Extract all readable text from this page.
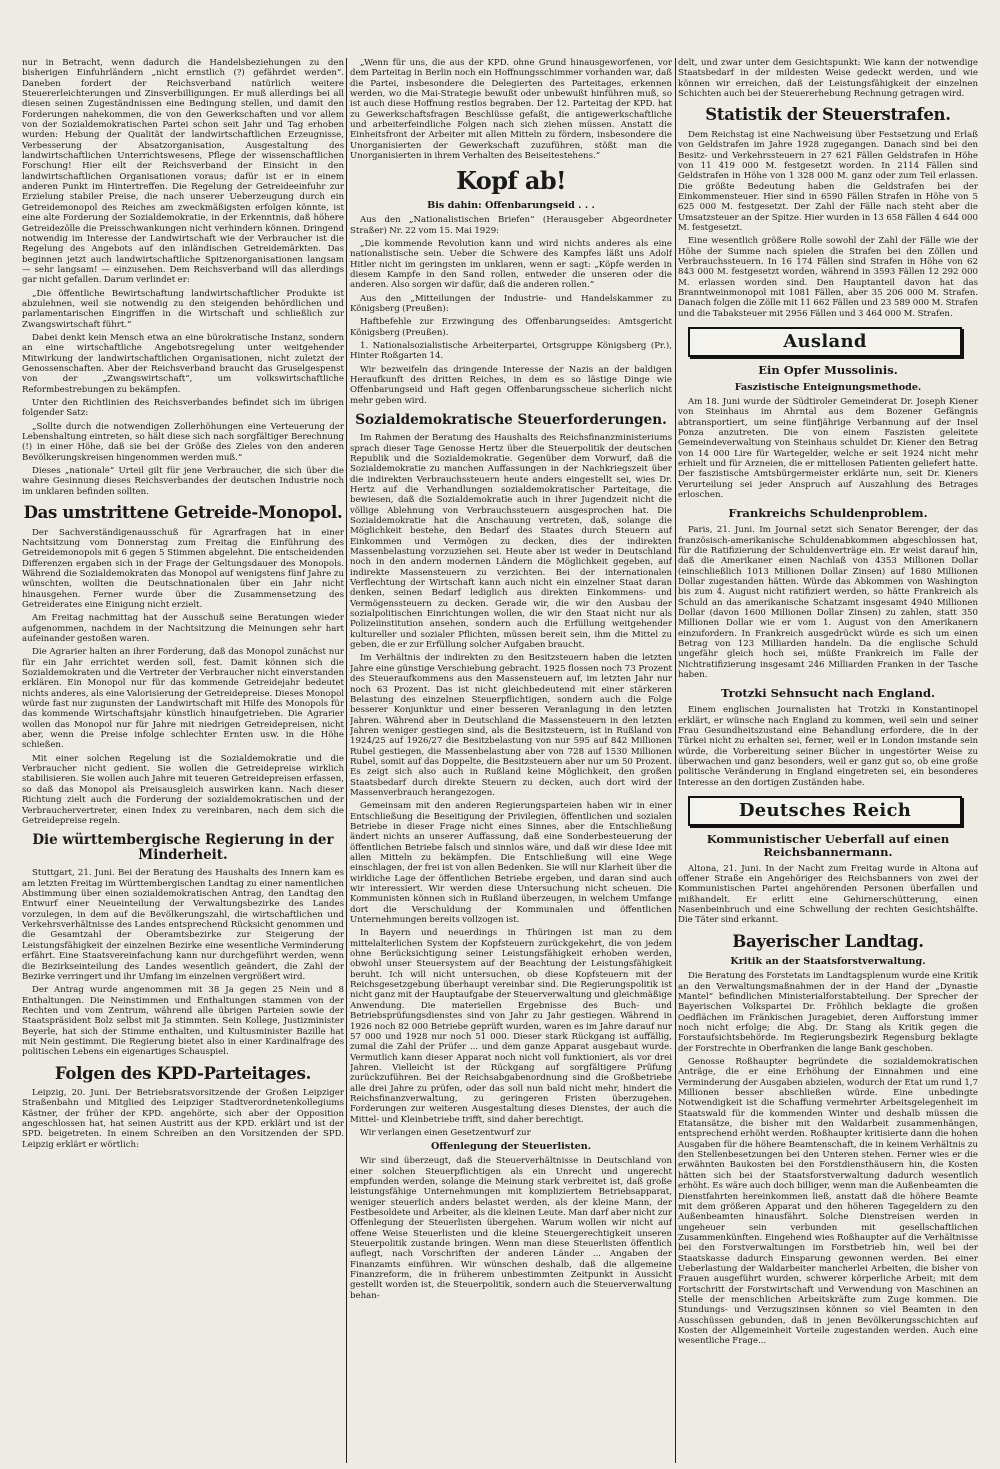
nur in Betracht, wenn dadurch die Handelsbeziehungen zu den bisherigen Einfuhrländern „nicht ernstlich (?) gefährdet werden“. Daneben fordert der Reichsverband natürlich weitere Steuererleichterungen und Zinsverbilligungen. Er muß allerdings bei all diesen seinen Zugeständnissen eine Bedingung stellen, und damit den Forderungen nahekommen, die von den Gewerkschaften und vor allem von der Sozialdemokratischen Partei schon seit Jahr und Tag erhoben wurden: Hebung der Qualität der landwirtschaftlichen Erzeugnisse, Verbesserung der Absatzorganisation, Ausgestaltung des landwirtschaftlichen Unterrichtswesens, Pflege der wissenschaftlichen Forschung! Hier eilt der Reichsverband der Einsicht in den landwirtschaftlichen Organisationen voraus; dafür ist er in einem anderen Punkt im Hintertreffen. Die Regelung der Getreideeinfuhr zur Erzielung stabiler Preise, die nach unserer Ueberzeugung durch ein Getreidemonopol des Reiches am zweckmäßigsten erfolgen könnte, ist eine alte Forderung der Sozialdemokratie, in der Erkenntnis, daß höhere Getreidezölle die Preisschwankungen nicht verhindern können. Dringend notwendig im Interesse der Landwirtschaft wie der Verbraucher ist die Regelung des Angebots auf den inländischen Getreidemärkten. Das beginnen jetzt auch landwirtschaftliche Spitzenorganisationen langsam — sehr langsam! — einzusehen. Dem Reichsverband will das allerdings gar nicht gefallen. Darum verlindet er:

„Die öffentliche Bewirtschaftung landwirtschaftlicher Produkte ist abzulehnen, weil sie notwendig zu den steigenden behördlichen und parlamentarischen Eingriffen in die Wirtschaft und schließlich zur Zwangswirtschaft führt.“

Dabei denkt kein Mensch etwa an eine bürokratische Instanz, sondern an eine wirtschaftliche Angebotsregelung unter weitgehender Mitwirkung der landwirtschaftlichen Organisationen, nicht zuletzt der Genossenschaften. Aber der Reichsverband braucht das Gruselgespenst von der „Zwangswirtschaft“, um volkswirtschaftliche Reformbestrebungen zu bekämpfen.

Unter den Richtlinien des Reichsverbandes befindet sich im übrigen folgender Satz:

„Sollte durch die notwendigen Zollerhöhungen eine Verteuerung der Lebenshaltung eintreten, so hält diese sich nach sorgfältiger Berechnung (!) in einer Höhe, daß sie bei der Größe des Zieles von den anderen Bevölkerungskreisen hingenommen werden muß.“

Dieses „nationale“ Urteil gilt für jene Verbraucher, die sich über die wahre Gesinnung dieses Reichsverbandes der deutschen Industrie noch im unklaren befinden sollten.

Das umstrittene Getreide-Monopol.

Der Sachverständigenausschuß für Agrarfragen hat in einer Nachtsitzung vom Donnerstag zum Freitag die Einführung des Getreidemonopols mit 6 gegen 5 Stimmen abgelehnt. Die entscheidenden Differenzen ergaben sich in der Frage der Geltungsdauer des Monopols. Während die Sozialdemokraten das Monopol auf wenigstens fünf Jahre zu wünschten, wollten die Deutschnationalen über ein Jahr nicht hinausgehen. Ferner wurde über die Zusammensetzung des Getreiderates eine Einigung nicht erzielt.

Am Freitag nachmittag hat der Ausschuß seine Beratungen wieder aufgenommen, nachdem in der Nachtsitzung die Meinungen sehr hart aufeinander gestoßen waren.

Die Agrarier halten an ihrer Forderung, daß das Monopol zunächst nur für ein Jahr errichtet werden soll, fest. Damit können sich die Sozialdemokraten und die Vertreter der Verbraucher nicht einverstanden erklären. Ein Monopol nur für das kommende Getreidejahr bedeutet nichts anderes, als eine Valorisierung der Getreidepreise. Dieses Monopol würde fast nur zugunsten der Landwirtschaft mit Hilfe des Monopols für das kommende Wirtschaftsjahr künstlich hinaufgetrieben. Die Agrarier wollen das Monopol nur für Jahre mit niedrigen Getreidepreisen, nicht aber, wenn die Preise infolge schlechter Ernten usw. in die Höhe schießen.

Mit einer solchen Regelung ist die Sozialdemokratie und die Verbraucher nicht gedient. Sie wollen die Getreidepreise wirklich stabilisieren. Sie wollen auch Jahre mit teueren Getreidepreisen erfassen, so daß das Monopol als Preisausgleich auswirken kann. Nach dieser Richtung zielt auch die Forderung der sozialdemokratischen und der Verbrauchervertreter, einen Index zu vereinbaren, nach dem sich die Getreidepreise regeln.

Die württembergische Regierung in der Minderheit.

Stuttgart, 21. Juni. Bei der Beratung des Haushalts des Innern kam es am letzten Freitag im Württembergischen Landtag zu einer namentlichen Abstimmung über einen sozialdemokratischen Antrag, den Landtag den Entwurf einer Neueinteilung der Verwaltungsbezirke des Landes vorzulegen, in dem auf die Bevölkerungszahl, die wirtschaftlichen und Verkehrsverhältnisse des Landes entsprechend Rücksicht genommen und die Gesamtzahl der Oberamtsbezirke zur Steigerung der Leistungsfähigkeit der einzelnen Bezirke eine wesentliche Verminderung erfährt. Eine Staatsvereinfachung kann nur durchgeführt werden, wenn die Bezirkseinteilung des Landes wesentlich geändert, die Zahl der Bezirke verringert und ihr Umfang im einzelnen vergrößert wird.

Der Antrag wurde angenommen mit 38 Ja gegen 25 Nein und 8 Enthaltungen. Die Neinstimmen und Enthaltungen stammen von der Rechten und vom Zentrum, während alle übrigen Parteien sowie der Staatspräsident Bolz selbst mit Ja stimmten. Sein Kollege, Justizminister Beyerle, hat sich der Stimme enthalten, und Kultusminister Bazille hat mit Nein gestimmt. Die Regierung bietet also in einer Kardinalfrage des politischen Lebens ein eigenartiges Schauspiel.

Folgen des KPD-Parteitages.

Leipzig, 20. Juni. Der Betriebsratsvorsitzende der Großen Leipziger Straßenbahn und Mitglied des Leipziger Stadtverordnetenkollegiums Kästner, der früher der KPD. angehörte, sich aber der Opposition angeschlossen hat, hat seinen Austritt aus der KPD. erklärt und ist der SPD. beigetreten. In einem Schreiben an den Vorsitzenden der SPD. Leipzig erklärt er wörtlich:

„Wenn für uns, die aus der KPD. ohne Grund hinausgeworfenen, vor dem Parteitag in Berlin noch ein Hoffnungsschimmer vorhanden war, daß die Partei, insbesondere die Delegierten des Parteitages, erkennen werden, wo die Mai-Strategie bewußt oder unbewußt hinführen muß, so ist auch diese Hoffnung restlos begraben. Der 12. Parteitag der KPD. hat zu Gewerkschaftsfragen Beschlüsse gefaßt, die antigewerkschaftliche und arbeiterfeindliche Folgen nach sich ziehen müssen. Anstatt die Einheitsfront der Arbeiter mit allen Mitteln zu fördern, insbesondere die Unorganisierten der Gewerkschaft zuzuführen, stößt man die Unorganisierten in ihrem Verhalten des Beiseitestehens.“

Kopf ab!
Bis dahin: Offenbarungseid . . .

Aus den „Nationalistischen Briefen“ (Herausgeber Abgeordneter Straßer) Nr. 22 vom 15. Mai 1929:

„Die kommende Revolution kann und wird nichts anderes als eine nationalistische sein. Ueber die Schwere des Kampfes läßt uns Adolf Hitler nicht im geringsten im unklaren, wenn er sagt: „Köpfe werden in diesem Kampfe in den Sand rollen, entweder die unseren oder die anderen. Also sorgen wir dafür, daß die anderen rollen.“

Aus den „Mitteilungen der Industrie- und Handelskammer zu Königsberg (Preußen):

Haftbefehle zur Erzwingung des Offenbarungseides: Amtsgericht Königsberg (Preußen).

1. Nationalsozialistische Arbeiterpartei, Ortsgruppe Königsberg (Pr.), Hinter Roßgarten 14.

Wir bezweifeln das dringende Interesse der Nazis an der baldigen Heraufkunft des dritten Reiches, in dem es so lästige Dinge wie Offenbarungseid und Haft gegen Offenbarungsscheue sicherlich nicht mehr geben wird.

Sozialdemokratische Steuerforderungen.

Im Rahmen der Beratung des Haushalts des Reichsfinanzministeriums sprach dieser Tage Genosse Hertz über die Steuerpolitik der deutschen Republik und die Sozialdemokratie. Gegenüber dem Vorwurf, daß die Sozialdemokratie zu manchen Auffassungen in der Nachkriegszeit über die indirekten Verbrauchssteuern heute anders eingestellt sei, wies Dr. Hertz auf die Verhandlungen sozialdemokratischer Parteitage, die bewiesen, daß die Sozialdemokratie auch in ihrer Jugendzeit nicht die völlige Ablehnung von Verbrauchssteuern ausgesprochen hat. Die Sozialdemokratie hat die Anschauung vertreten, daß, solange die Möglichkeit bestehe, den Bedarf des Staates durch Steuern auf Einkommen und Vermögen zu decken, dies der indirekten Massenbelastung vorzuziehen sei. Heute aber ist weder in Deutschland noch in den andern modernen Ländern die Möglichkeit gegeben, auf indirekte Massensteuern zu verzichten. Bei der internationalen Verflechtung der Wirtschaft kann auch nicht ein einzelner Staat daran denken, seinen Bedarf lediglich aus direkten Einkommens- und Vermögenssteuern zu decken. Gerade wir, die wir den Ausbau der sozialpolitischen Einrichtungen wollen, die wir den Staat nicht nur als Polizeiinstitution ansehen, sondern auch die Erfüllung weitgehender kultureller und sozialer Pflichten, müssen bereit sein, ihm die Mittel zu geben, die er zur Erfüllung solcher Aufgaben braucht.

Im Verhältnis der indirekten zu den Besitzsteuern haben die letzten Jahre eine günstige Verschiebung gebracht. 1925 flossen noch 73 Prozent des Steueraufkommens aus den Massensteuern auf, im letzten Jahr nur noch 63 Prozent. Das ist nicht gleichbedeutend mit einer stärkeren Belastung des einzelnen Steuerpflichtigen, sondern auch die Folge besserer Konjunktur und einer besseren Veranlagung in den letzten Jahren. Während aber in Deutschland die Massensteuern in den letzten Jahren weniger gestiegen sind, als die Besitzsteuern, ist in Rußland von 1924/25 auf 1926/27 die Besitzbelastung von nur 595 auf 842 Millionen Rubel gestiegen, die Massenbelastung aber von 728 auf 1530 Millionen Rubel, somit auf das Doppelte, die Besitzsteuern aber nur um 50 Prozent. Es zeigt sich also auch in Rußland keine Möglichkeit, den großen Staatsbedarf durch direkte Steuern zu decken, auch dort wird der Massenverbrauch herangezogen.

Gemeinsam mit den anderen Regierungsparteien haben wir in einer Entschließung die Beseitigung der Privilegien, öffentlichen und sozialen Betriebe in dieser Frage nicht eines Sinnes, aber die Entschließung ändert nichts an unserer Auffassung, daß eine Sonderbesteuerung der öffentlichen Betriebe falsch und sinnlos wäre, und daß wir diese Idee mit allen Mitteln zu bekämpfen. Die Entschließung will eine Wege einschlagen, der frei ist von allen Bedenken. Sie will nur Klarheit über die wirkliche Lage der öffentlichen Betriebe ergeben, und daran sind auch wir interessiert. Wir werden diese Untersuchung nicht scheuen. Die Kommunisten können sich in Rußland überzeugen, in welchem Umfange dort die Verschuldung der Kommunalen und öffentlichen Unternehmungen bereits vollzogen ist.

In Bayern und neuerdings in Thüringen ist man zu dem mittelalterlichen System der Kopfsteuern zurückgekehrt, die von jedem ohne Berücksichtigung seiner Leistungsfähigkeit erhoben werden, obwohl unser Steuersystem auf der Beachtung der Leistungsfähigkeit beruht. Ich will nicht untersuchen, ob diese Kopfsteuern mit der Reichsgesetzgebung überhaupt vereinbar sind. Die Regierungspolitik ist nicht ganz mit der Hauptaufgabe der Steuerverwaltung und gleichmäßige Anwendung. Die materiellen Ergebnisse des Buch- und Betriebsprüfungsdienstes sind von Jahr zu Jahr gestiegen. Während in 1926 noch 82 000 Betriebe geprüft wurden, waren es im Jahre darauf nur 57 000 und 1928 nur noch 51 000. Dieser stark Rückgang ist auffällig, zumal die Zahl der Prüfer ... und dem ganze Apparat ausgebaut wurde. Vermutlich kann dieser Apparat noch nicht voll funktioniert, als vor drei Jahren. Vielleicht ist der Rückgang auf sorgfältigere Prüfung zurückzuführen. Bei der Reichsabgabenordnung sind die Großbetriebe alle drei Jahre zu prüfen, oder das soll nun bald nicht mehr, hindert die Reichsfinanzverwaltung, zu geringeren Fristen überzugehen. Forderungen zur weiteren Ausgestaltung dieses Dienstes, der auch die Mittel- und Kleinbetriebe trifft, sind daher berechtigt.

Wir verlangen einen Gesetzentwurf zur

Offenlegung der Steuerlisten.

Wir sind überzeugt, daß die Steuerverhältnisse in Deutschland von einer solchen Steuerpflichtigen als ein Unrecht und ungerecht empfunden werden, solange die Meinung stark verbreitet ist, daß große leistungsfähige Unternehmungen mit kompliziertem Betriebsapparat, weniger steuerlich anders belastet werden, als der kleine Mann, der Festbesoldete und Arbeiter, als die kleinen Leute. Man darf aber nicht zur Offenlegung der Steuerlisten übergehen. Warum wollen wir nicht auf offene Weise Steuerlisten und die kleine Steuergerechtigkeit unseren Steuerpolitik zustande bringen. Wenn man diese Steuerlisten öffentlich auflegt, nach Vorschriften der anderen Länder ... Angaben der Finanzamts einführen. Wir wünschen deshalb, daß die allgemeine Finanzreform, die in früherem unbestimmten Zeitpunkt in Aussicht gestellt worden ist, die Steuerpolitik, sondern auch die Steuerverwaltung behan-

delt, und zwar unter dem Gesichtspunkt: Wie kann der notwendige Staatsbedarf in der mildesten Weise gedeckt werden, und wie können wir erreichen, daß der Leistungsfähigkeit der einzelnen Schichten auch bei der Steuererhebung Rechnung getragen wird.

Statistik der Steuerstrafen.

Dem Reichstag ist eine Nachweisung über Festsetzung und Erlaß von Geldstrafen im Jahre 1928 zugegangen. Danach sind bei den Besitz- und Verkehrssteuern in 27 621 Fällen Geldstrafen in Höhe von 11 419 000 M. festgesetzt worden. In 2114 Fällen sind Geldstrafen in Höhe von 1 328 000 M. ganz oder zum Teil erlassen. Die größte Bedeutung haben die Geldstrafen bei der Einkommensteuer. Hier sind in 6590 Fällen Strafen in Höhe von 5 625 000 M. festgesetzt. Der Zahl der Fälle nach steht aber die Umsatzsteuer an der Spitze. Hier wurden in 13 658 Fällen 4 644 000 M. festgesetzt.

Eine wesentlich größere Rolle sowohl der Zahl der Fälle wie der Höhe der Summe nach spielen die Strafen bei den Zöllen und Verbrauchssteuern. In 16 174 Fällen sind Strafen in Höhe von 62 843 000 M. festgesetzt worden, während in 3593 Fällen 12 292 000 M. erlassen worden sind. Den Hauptanteil davon hat das Branntweinmonopol mit 1081 Fällen, aber 35 206 000 M. Strafen. Danach folgen die Zölle mit 11 662 Fällen und 23 589 000 M. Strafen und die Tabaksteuer mit 2956 Fällen und 3 464 000 M. Strafen.

Ausland
Ein Opfer Mussolinis.
Faszistische Enteignungsmethode.

Am 18. Juni wurde der Südtiroler Gemeinderat Dr. Joseph Kiener von Steinhaus im Ahrntal aus dem Bozener Gefängnis abtransportiert, um seine fünfjährige Verbannung auf der Insel Ponza anzutreten. Die von einem Faszisten geleitete Gemeindeverwaltung von Steinhaus schuldet Dr. Kiener den Betrag von 14 000 Lire für Wartegelder, welche er seit 1924 nicht mehr erhielt und für Arzneien, die er mittellosen Patienten geliefert hatte. Der faszistische Amtsbürgermeister erklärte nun, seit Dr. Kieners Verurteilung sei jeder Anspruch auf Auszahlung des Betrages erloschen.

Frankreichs Schuldenproblem.

Paris, 21. Juni. Im Journal setzt sich Senator Berenger, der das französisch-amerikanische Schuldenabkommen abgeschlossen hat, für die Ratifizierung der Schuldenverträge ein. Er weist darauf hin, daß die Amerikaner einen Nachlaß von 4353 Millionen Dollar (einschließlich 1013 Millionen Dollar Zinsen) auf 1680 Millionen Dollar zugestanden hätten. Würde das Abkommen von Washington bis zum 4. August nicht ratifiziert werden, so hätte Frankreich als Schuld an das amerikanische Schatzamt insgesamt 4940 Millionen Dollar (davon 1600 Millionen Dollar Zinsen) zu zahlen, statt 350 Millionen Dollar wie er vom 1. August von den Amerikanern einzufordern. In Frankreich ausgedrückt würde es sich um einen Betrag von 123 Milliarden handeln. Da die englische Schuld ungefähr gleich hoch sei, müßte Frankreich im Falle der Nichtratifizierung insgesamt 246 Milliarden Franken in der Tasche haben.

Trotzki Sehnsucht nach England.

Einem englischen Journalisten hat Trotzki in Konstantinopel erklärt, er wünsche nach England zu kommen, weil sein und seiner Frau Gesundheitszustand eine Behandlung erfordere, die in der Türkei nicht zu erhalten sei, ferner, weil er in London imstande sein würde, die Vorbereitung seiner Bücher in ungestörter Weise zu überwachen und ganz besonders, weil er ganz gut so, ob eine große politische Veränderung in England eingetreten sei, ein besonderes Interesse an den dortigen Zuständen habe.

Deutsches Reich
Kommunistischer Ueberfall auf einen Reichsbannermann.

Altona, 21. Juni. In der Nacht zum Freitag wurde in Altona auf offener Straße ein Angehöriger des Reichsbanners von zwei der Kommunistischen Partei angehörenden Personen überfallen und mißhandelt. Er erlitt eine Gehirnerschütterung, einen Nasenbeinbruch und eine Schwellung der rechten Gesichtshälfte. Die Täter sind erkannt.

Bayerischer Landtag.
Kritik an der Staatsforstverwaltung.

Die Beratung des Forstetats im Landtagsplenum wurde eine Kritik an den Verwaltungsmaßnahmen der in der Hand der „Dynastie Mantel“ befindlichen Ministerialforstabteilung. Der Sprecher der Bayerischen Volkspartei Dr. Fröhlich beklagte die großen Oedflächen im Fränkischen Juragebiet, deren Aufforstung immer noch nicht erfolge; die Abg. Dr. Stang als Kritik gegen die Forstaufsichtsbehörde. Im Regierungsbezirk Regensburg beklagte der Forstrechte in Oberfranken die lange Bank geschoben.

Genosse Roßhaupter begründete die sozialdemokratischen Anträge, die er eine Erhöhung der Einnahmen und eine Verminderung der Ausgaben abzielen, wodurch der Etat um rund 1,7 Millionen besser abschließen würde. Eine unbedingte Notwendigkeit ist die Schaffung vermehrter Arbeitsgelegenheit im Staatswald für die kommenden Winter und deshalb müssen die Etatansätze, die bisher mit den Waldarbeit zusammenhängen, entsprechend erhöht werden. Roßhaupter kritisierte dann die hohen Ausgaben für die höhere Beamtenschaft, die in keinem Verhältnis zu den Stellenbesetzungen bei den Unteren stehen. Ferner wies er die erwähnten Baukosten bei den Forstdiensthäusern hin, die Kosten hätten sich bei der Staatsforstverwaltung dadurch wesentlich erhöht. Es wäre auch doch billiger, wenn man die Außenbeamten die Dienstfahrten hereinkommen ließ, anstatt daß die höhere Beamte mit dem größeren Apparat und den höheren Tagegeldern zu den Außenbeamten hinausfährt. Solche Dienstreisen werden in ungeheuer sein verbunden mit gesellschaftlichen Zusammenkünften. Eingehend wies Roßhaupter auf die Verhältnisse bei den Forstverwaltungen im Forstbetrieb hin, weil bei der Staatskasse dadurch Einsparung gewonnen werden. Bei einer Ueberlastung der Waldarbeiter mancherlei Arbeiten, die bisher von Frauen ausgeführt wurden, schwerer körperliche Arbeit; mit dem Fortschritt der Forstwirtschaft und Verwendung von Maschinen an Stelle der menschlichen Arbeitskräfte zum Zuge kommen. Die Stundungs- und Verzugszinsen können so viel Beamten in den Ausschüssen gebunden, daß in jenen Bevölkerungsschichten auf Kosten der Allgemeinheit Vorteile zugestanden werden. Auch eine wesentliche Frage...
